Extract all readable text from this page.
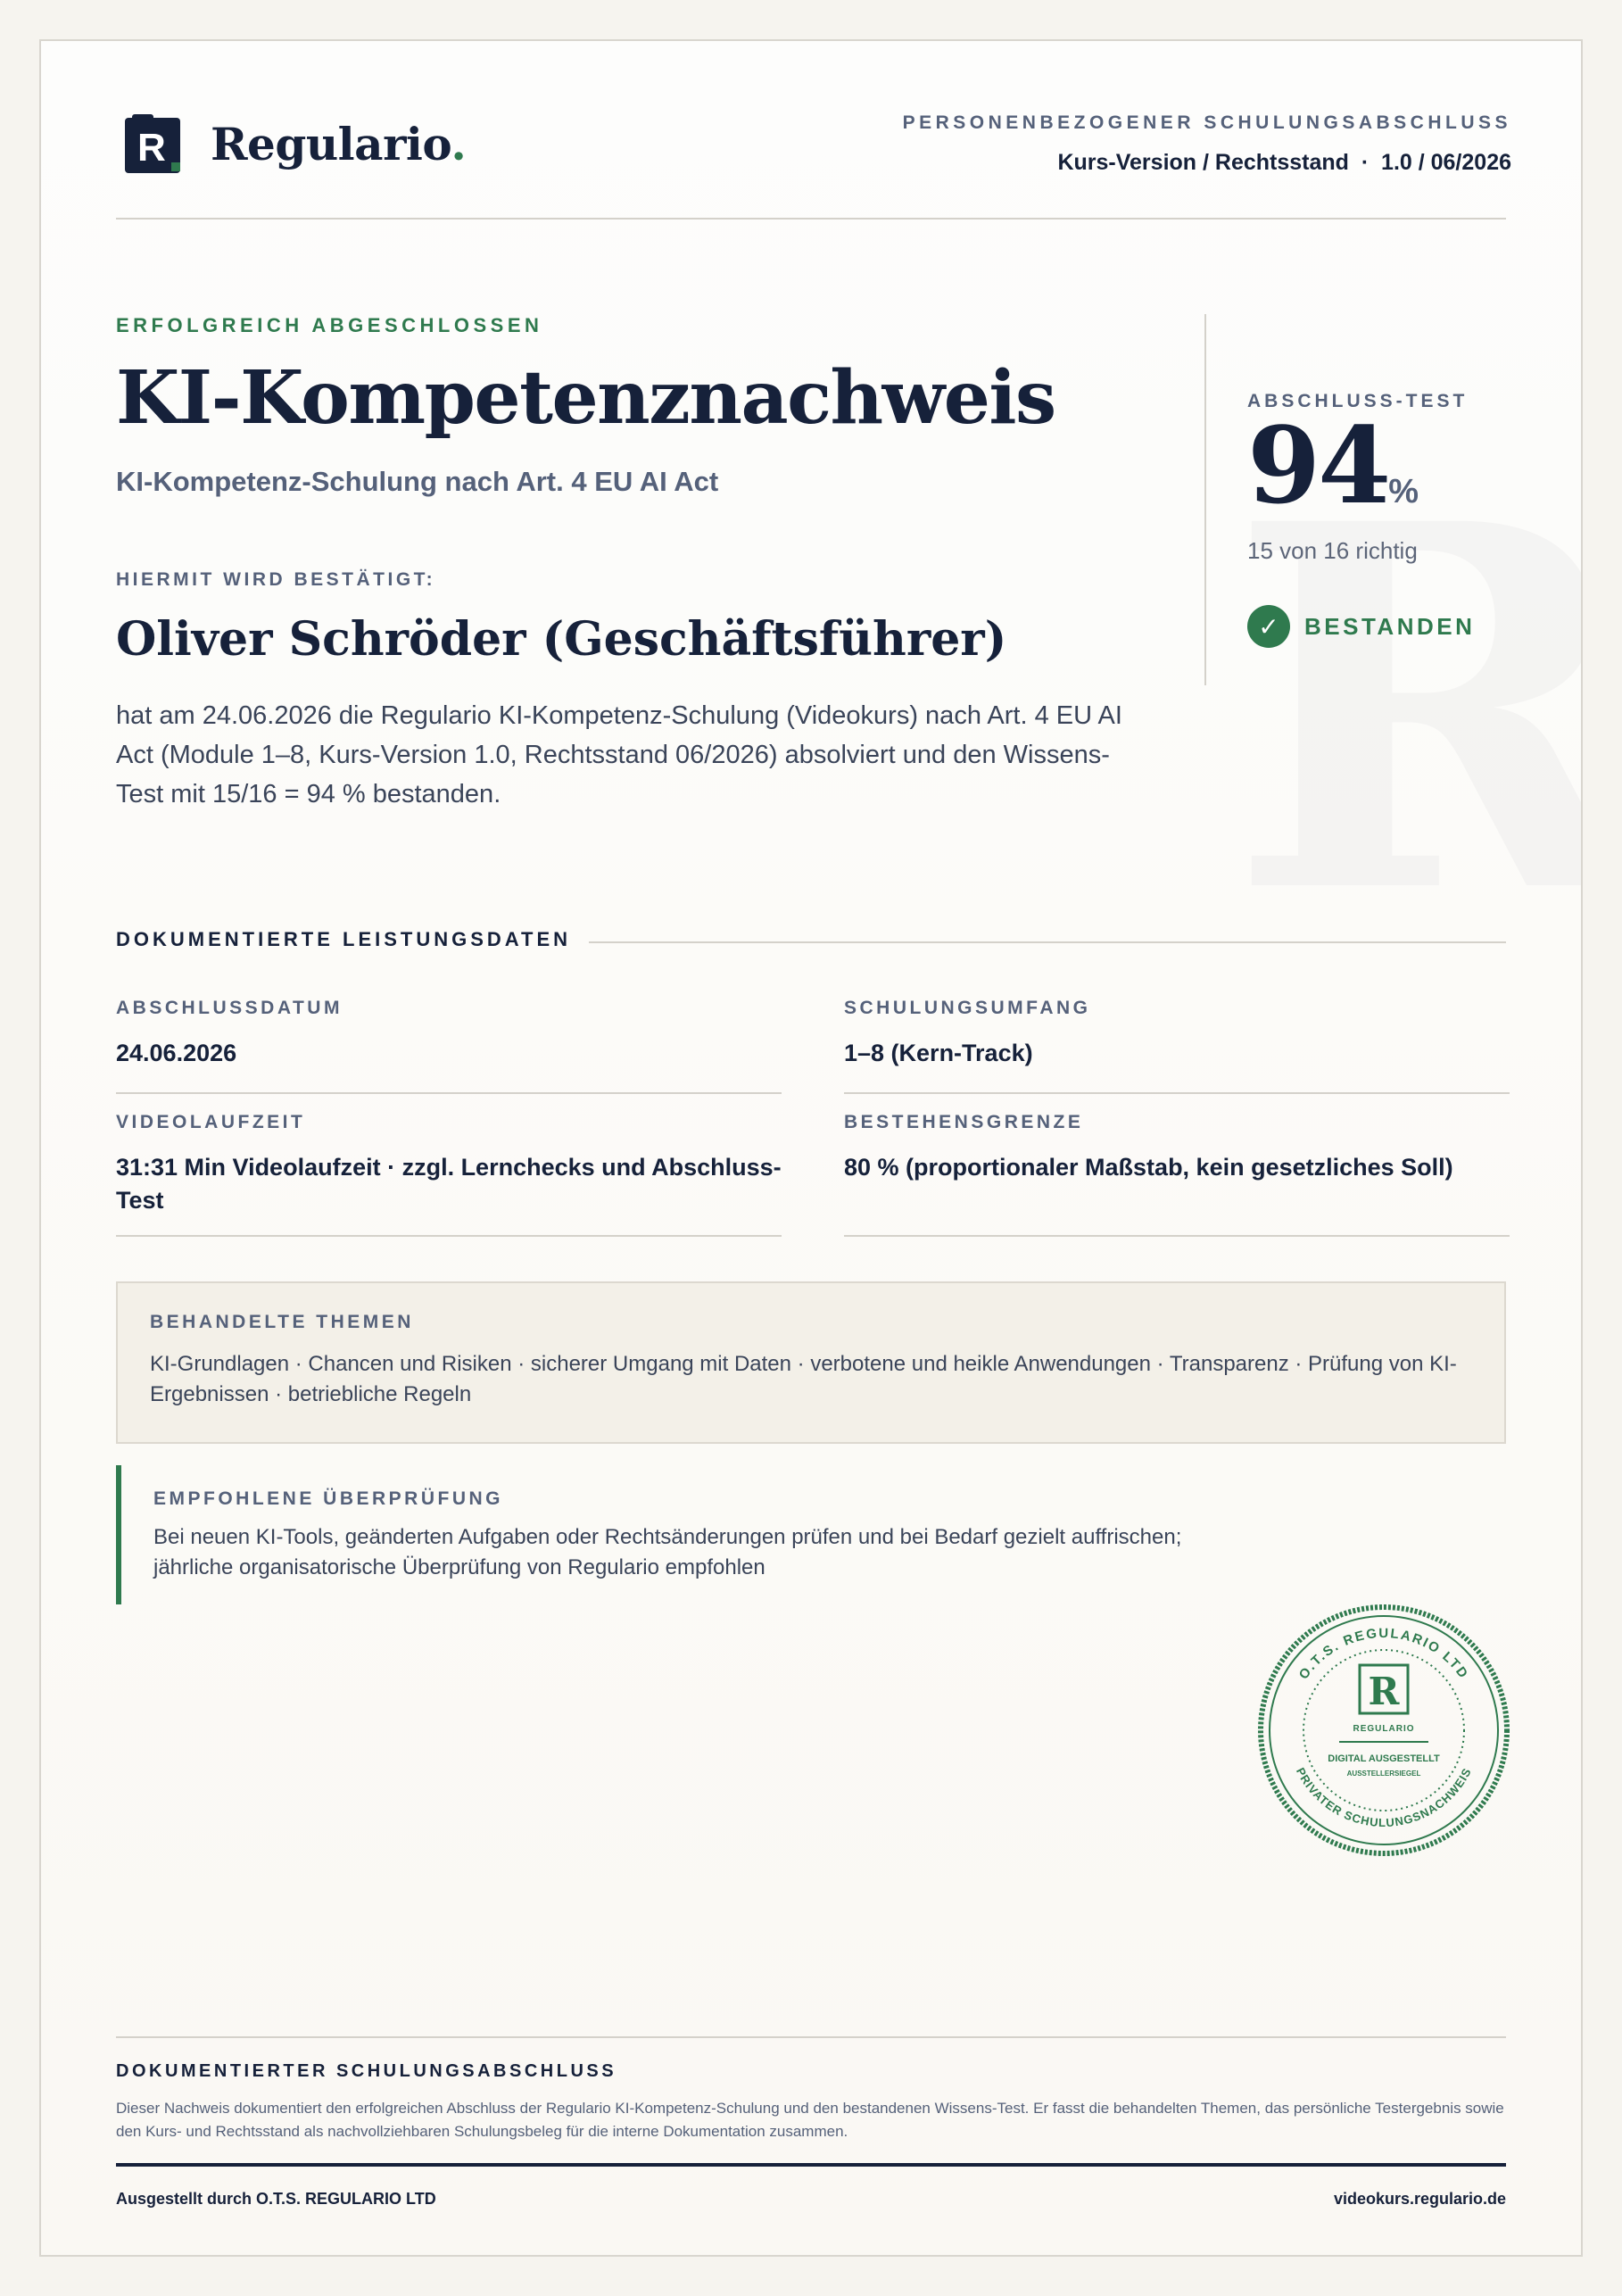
R Regulario.	PERSONENBEZOGENER SCHULUNGSABSCHLUSS
Kurs-Version / Rechtsstand  ·  1.0 / 06/2026
ERFOLGREICH ABGESCHLOSSEN
KI-Kompetenznachweis
KI-Kompetenz-Schulung nach Art. 4 EU AI Act
HIERMIT WIRD BESTÄTIGT:
Oliver Schröder (Geschäftsführer)
hat am 24.06.2026 die Regulario KI-Kompetenz-Schulung (Videokurs) nach Art. 4 EU AI Act (Module 1–8, Kurs-Version 1.0, Rechtsstand 06/2026) absolviert und den Wissens-Test mit 15/16 = 94 % bestanden.
ABSCHLUSS-TEST
94%
15 von 16 richtig
✓	BESTANDEN
DOKUMENTIERTE LEISTUNGSDATEN
ABSCHLUSSDATUM
24.06.2026
SCHULUNGSUMFANG
1–8 (Kern-Track)
VIDEOLAUFZEIT
31:31 Min Videolaufzeit · zzgl. Lernchecks und Abschluss-Test
BESTEHENSGRENZE
80 % (proportionaler Maßstab, kein gesetzliches Soll)
BEHANDELTE THEMEN
KI-Grundlagen · Chancen und Risiken · sicherer Umgang mit Daten · verbotene und heikle Anwendungen · Transparenz · Prüfung von KI-Ergebnissen · betriebliche Regeln
EMPFOHLENE ÜBERPRÜFUNG
Bei neuen KI-Tools, geänderten Aufgaben oder Rechtsänderungen prüfen und bei Bedarf gezielt auffrischen; jährliche organisatorische Überprüfung von Regulario empfohlen
O.T.S. REGULARIO LTD
PRIVATER SCHULUNGSNACHWEIS
R
REGULARIO
DIGITAL AUSGESTELLT
AUSSTELLERSIEGEL
DOKUMENTIERTER SCHULUNGSABSCHLUSS
Dieser Nachweis dokumentiert den erfolgreichen Abschluss der Regulario KI-Kompetenz-Schulung und den bestandenen Wissens-Test. Er fasst die behandelten Themen, das persönliche Testergebnis sowie den Kurs- und Rechtsstand als nachvollziehbaren Schulungsbeleg für die interne Dokumentation zusammen.
Ausgestellt durch O.T.S. REGULARIO LTD	videokurs.regulario.de
